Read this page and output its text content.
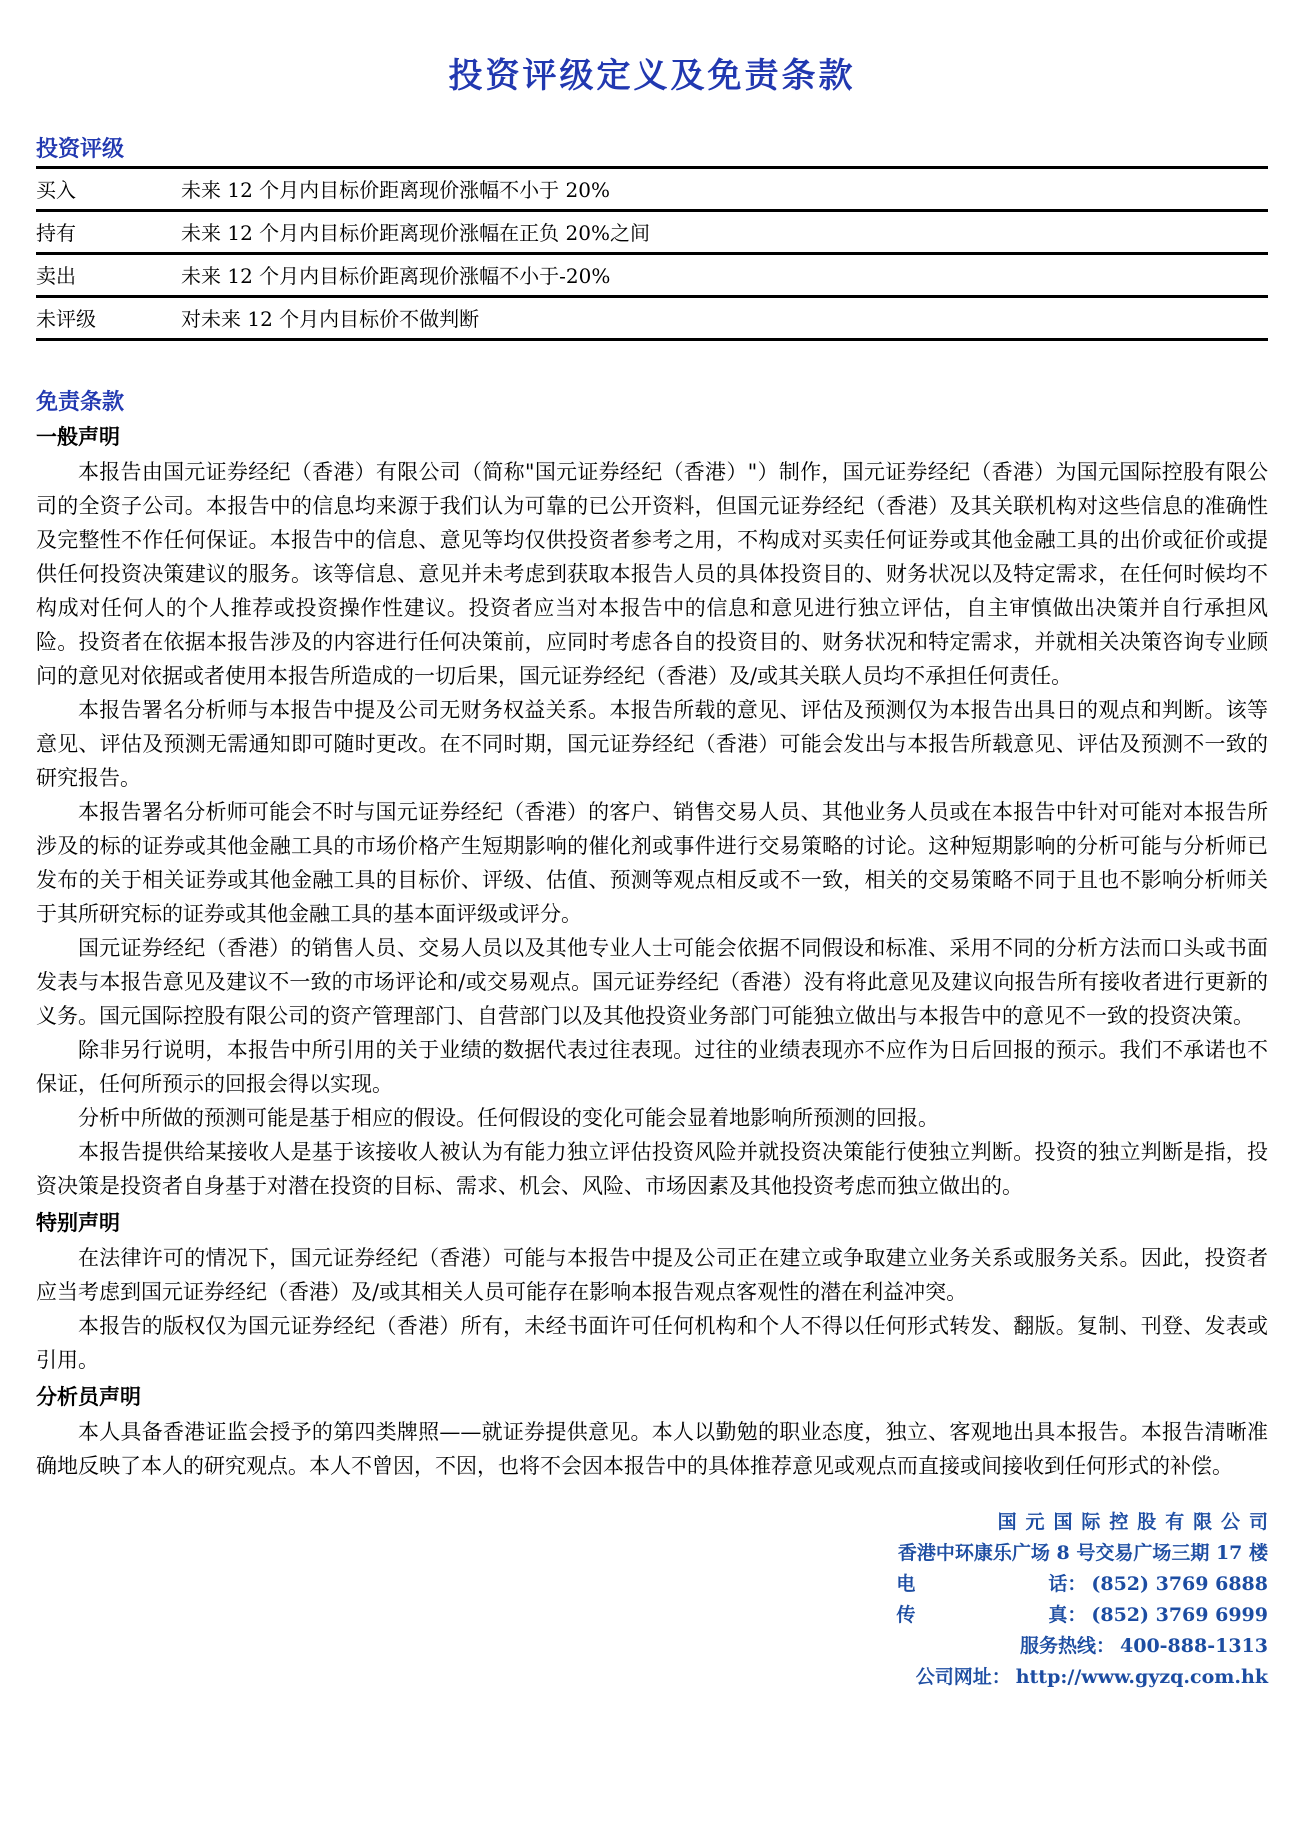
投资评级定义及免责条款
投资评级
买入	未来 12 个月内目标价距离现价涨幅不小于 20%
持有	未来 12 个月内目标价距离现价涨幅在正负 20%之间
卖出	未来 12 个月内目标价距离现价涨幅不小于-20%
未评级	对未来 12 个月内目标价不做判断
免责条款
一般声明

本报告由国元证券经纪（香港）有限公司（简称"国元证券经纪（香港）"）制作，国元证券经纪（香港）为国元国际控股有限公司的全资子公司。本报告中的信息均来源于我们认为可靠的已公开资料，但国元证券经纪（香港）及其关联机构对这些信息的准确性及完整性不作任何保证。本报告中的信息、意见等均仅供投资者参考之用，不构成对买卖任何证券或其他金融工具的出价或征价或提供任何投资决策建议的服务。该等信息、意见并未考虑到获取本报告人员的具体投资目的、财务状况以及特定需求，在任何时候均不构成对任何人的个人推荐或投资操作性建议。投资者应当对本报告中的信息和意见进行独立评估，自主审慎做出决策并自行承担风险。投资者在依据本报告涉及的内容进行任何决策前，应同时考虑各自的投资目的、财务状况和特定需求，并就相关决策咨询专业顾问的意见对依据或者使用本报告所造成的一切后果，国元证券经纪（香港）及/或其关联人员均不承担任何责任。

本报告署名分析师与本报告中提及公司无财务权益关系。本报告所载的意见、评估及预测仅为本报告出具日的观点和判断。该等意见、评估及预测无需通知即可随时更改。在不同时期，国元证券经纪（香港）可能会发出与本报告所载意见、评估及预测不一致的研究报告。

本报告署名分析师可能会不时与国元证券经纪（香港）的客户、销售交易人员、其他业务人员或在本报告中针对可能对本报告所涉及的标的证券或其他金融工具的市场价格产生短期影响的催化剂或事件进行交易策略的讨论。这种短期影响的分析可能与分析师已发布的关于相关证券或其他金融工具的目标价、评级、估值、预测等观点相反或不一致，相关的交易策略不同于且也不影响分析师关于其所研究标的证券或其他金融工具的基本面评级或评分。

国元证券经纪（香港）的销售人员、交易人员以及其他专业人士可能会依据不同假设和标准、采用不同的分析方法而口头或书面发表与本报告意见及建议不一致的市场评论和/或交易观点。国元证券经纪（香港）没有将此意见及建议向报告所有接收者进行更新的义务。国元国际控股有限公司的资产管理部门、自营部门以及其他投资业务部门可能独立做出与本报告中的意见不一致的投资决策。

除非另行说明，本报告中所引用的关于业绩的数据代表过往表现。过往的业绩表现亦不应作为日后回报的预示。我们不承诺也不保证，任何所预示的回报会得以实现。

分析中所做的预测可能是基于相应的假设。任何假设的变化可能会显着地影响所预测的回报。

本报告提供给某接收人是基于该接收人被认为有能力独立评估投资风险并就投资决策能行使独立判断。投资的独立判断是指，投资决策是投资者自身基于对潜在投资的目标、需求、机会、风险、市场因素及其他投资考虑而独立做出的。

特别声明

在法律许可的情况下，国元证券经纪（香港）可能与本报告中提及公司正在建立或争取建立业务关系或服务关系。因此，投资者应当考虑到国元证券经纪（香港）及/或其相关人员可能存在影响本报告观点客观性的潜在利益冲突。

本报告的版权仅为国元证券经纪（香港）所有，未经书面许可任何机构和个人不得以任何形式转发、翻版。复制、刊登、发表或引用。

分析员声明

本人具备香港证监会授予的第四类牌照——就证券提供意见。本人以勤勉的职业态度，独立、客观地出具本报告。本报告清晰准确地反映了本人的研究观点。本人不曾因，不因，也将不会因本报告中的具体推荐意见或观点而直接或间接收到任何形式的补偿。

国元国际控股有限公司
香港中环康乐广场 8 号交易广场三期 17 楼
电　　　　　　　话： (852) 3769 6888
传　　　　　　　真： (852) 3769 6999
服务热线： 400-888-1313
公司网址： http://www.gyzq.com.hk
